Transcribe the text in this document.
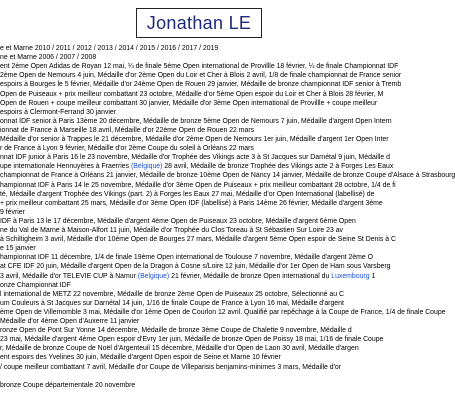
Jonathan LE
e et Marne 2010 / 2011 / 2012 / 2013 / 2014 / 2015 / 2016 / 2017 / 2019
ne et Marne 2006 / 2007 / 2008
ent 2ème Open Adidas de Royan 12 mai, ¼ de finale 5ème Open international de Provillle 18 février, ¼ de finale Championnat IDF
2ème Open de Nemours 4 juin, Médaille d'or 2ème Open du Loir et Cher à Blois 2 avril, 1/8 de finale championnat de France senior
espoirs à Bourges le 5 février, Médaille d'or 24ème Open de Rouen 29 janvier, Médaille de bronze championnat IDF senior à Tremb
Open de Puiseaux + prix meilleur combattant 23 octobre, Médaille d'or 5ème Open espoir du Loir et Cher à Blois 28 février, M
Open de Rouen + coupe meilleur combattant 30 janvier, Médaille d'or 3ème Open international de Provillle + coupe meilleur
espoirs à Clermont-Ferrand 30 janvier
onnat IDF senior à Paris 13ème 20 décembre, Médaille de bronze 5ème Open de Nemours 7 juin, Médaille d'argent Open Intern
ionnat de France à Marseille 18 avril, Médaille d'or 22ème Open de Rouen 22 mars
Médaille d'or senior à Trappes le 21 décembre, Médaille d'or 2ème Open de Nemours 1er juin, Médaille d'argent 1er Open Inter
r de France à Lyon 9 février, Médaille d'or 2ème Coupe du soleil à Orléans 22 mars
nnat IDF junior à Paris 16 le 23 novembre, Médaille d'or Trophée des Vikings acte 3 à St Jacques sur Darnétal 9 juin, Médaille d
upe internationale Hennuyères à Fraerries (Belgique) 28 avril, Médaille de bronze Trophée des Vikings acte 2 à Forges Les Eaux
championnat de France à Orléans 21 janvier, Médaille de bronze 10ème Open de Nancy 14 janvier, Médaille de bronze Coupe d'Alsace à Strasbourg
hampionnat IDF à Paris 14 le 25 novembre, Médaille d'or 3ème Open de Puiseaux + prix meilleur combattant 28 octobre, 1/4 de fi
té, Médaille d'argent Trophée des Vikings (part. 2) à Forges les Eaux 27 mai, Médaille d'or Open International (labellisé) de
+ prix meilleur combattant 25 mars, Médaille d'or 3ème Open IDF (labellisé) à Paris 14ème 26 février, Médaille d'argent 3ème
9 février
IDF à Paris 13 le 17 décembre, Médaille d'argent 4ème Open de Puiseaux 23 octobre, Médaille d'argent 6ème Open
ne du Val de Marne à Maison-Alfort 11 juin, Médaille d'or Trophée du Clos Toreau à St Sébastien Sur Loire 23 av
à Schiltigheim 3 avril, Médaille d'or 10ème Open de Bourges 27 mars, Médaille d'argent 5ème Open espoir de Seine St Denis à C
e 15 janvier
hampionnat IDF 11 décembre, 1/4 de finale 19ème Open international de Toulouse 7 novembre, Médaille d'argent 2ème O
at CFE IDF 20 juin, Médaille d'argent Open de la Dragon à Cosne s/Loire 12 juin, Médaille d'or 1er Open de Ham sous Varsberg
3 avril, Médaille d'or TELEVIE CUP à Namur (Belgique) 21 février, Médaille de bronze Open international du Luxembourg 1
onze Championnat IDF
l international de METZ 22 novembre, Médaille de bronze 2ème Open de Puiseaux 25 octobre, Sélectionné au C
um Couleurs à St Jacques sur Darnétal 14 juin, 1/16 de finale Coupe de France à Lyon 16 mai, Médaille d'argent
ème Open de Villemomble 3 mai, Médaille d'or 1ème Open de Courlon 12 avril. Qualifié par repêchage à la Coupe de France, 1/4 de finale Coupe
Médaille d'or 4ème Open d'Auxerre 11 janvier
ronze Open de Pont Sur Yonne 14 décembre, Médaille de bronze 3ème Coupe de Chalette 9 novembre, Médaille d
23 mai, Médaille d'argent 4ème Open espoir d'Evry 1er juin, Médaille de bronze Open de Poissy 18 mai, 1/16 de finale Coupe
r, Médaille de bronze Coupe de Noël d'Argenteuil 15 décembre, Médaille d'or Open de Laon 30 avril, Médaille d'argen
ent espoirs des Yvelines 30 juin, Médaille d'argent Open espoir de Seine et Marne 10 février
/ coupe meilleur combattant 7 avril, Médaille d'or Coupe de Villeparisis benjamins-minimes 3 mars, Médaille d'or
bronze Coupe départementale 20 novembre
